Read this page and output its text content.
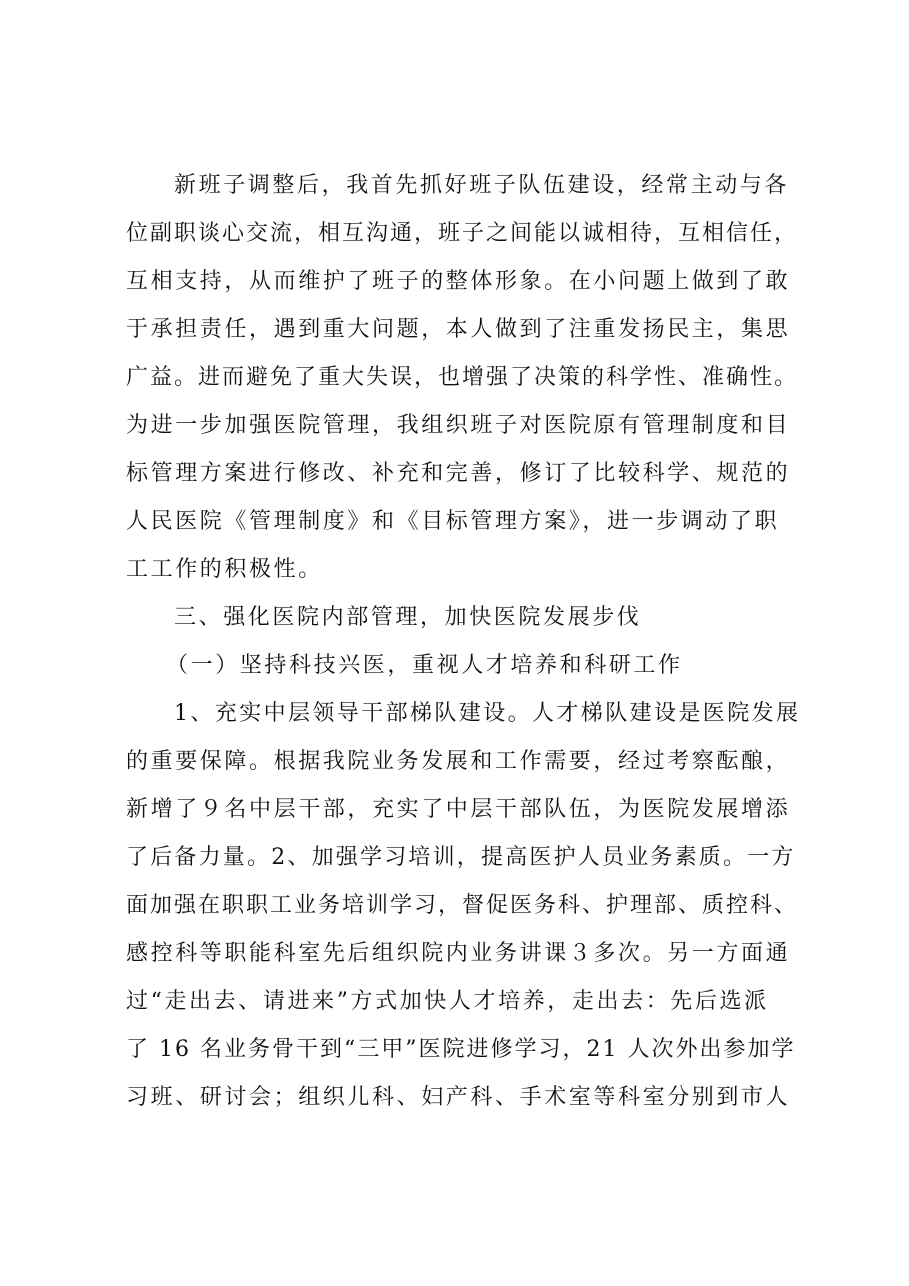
新班子调整后，我首先抓好班子队伍建设，经常主动与各
位副职谈心交流，相互沟通，班子之间能以诚相待，互相信任，
互相支持，从而维护了班子的整体形象。在小问题上做到了敢
于承担责任，遇到重大问题，本人做到了注重发扬民主，集思
广益。进而避免了重大失误，也增强了决策的科学性、准确性。
为进一步加强医院管理，我组织班子对医院原有管理制度和目
标管理方案进行修改、补充和完善，修订了比较科学、规范的
人民医院《管理制度》和《目标管理方案》，进一步调动了职
工工作的积极性。
三、强化医院内部管理，加快医院发展步伐
（一）坚持科技兴医，重视人才培养和科研工作
1、充实中层领导干部梯队建设。人才梯队建设是医院发展
的重要保障。根据我院业务发展和工作需要，经过考察酝酿，
新增了９名中层干部，充实了中层干部队伍，为医院发展增添
了后备力量。2、加强学习培训，提高医护人员业务素质。一方
面加强在职职工业务培训学习，督促医务科、护理部、质控科、
感控科等职能科室先后组织院内业务讲课３多次。另一方面通
过“走出去、请进来”方式加快人才培养，走出去：先后选派
了 16 名业务骨干到“三甲”医院进修学习，21 人次外出参加学
习班、研讨会；组织儿科、妇产科、手术室等科室分别到市人
